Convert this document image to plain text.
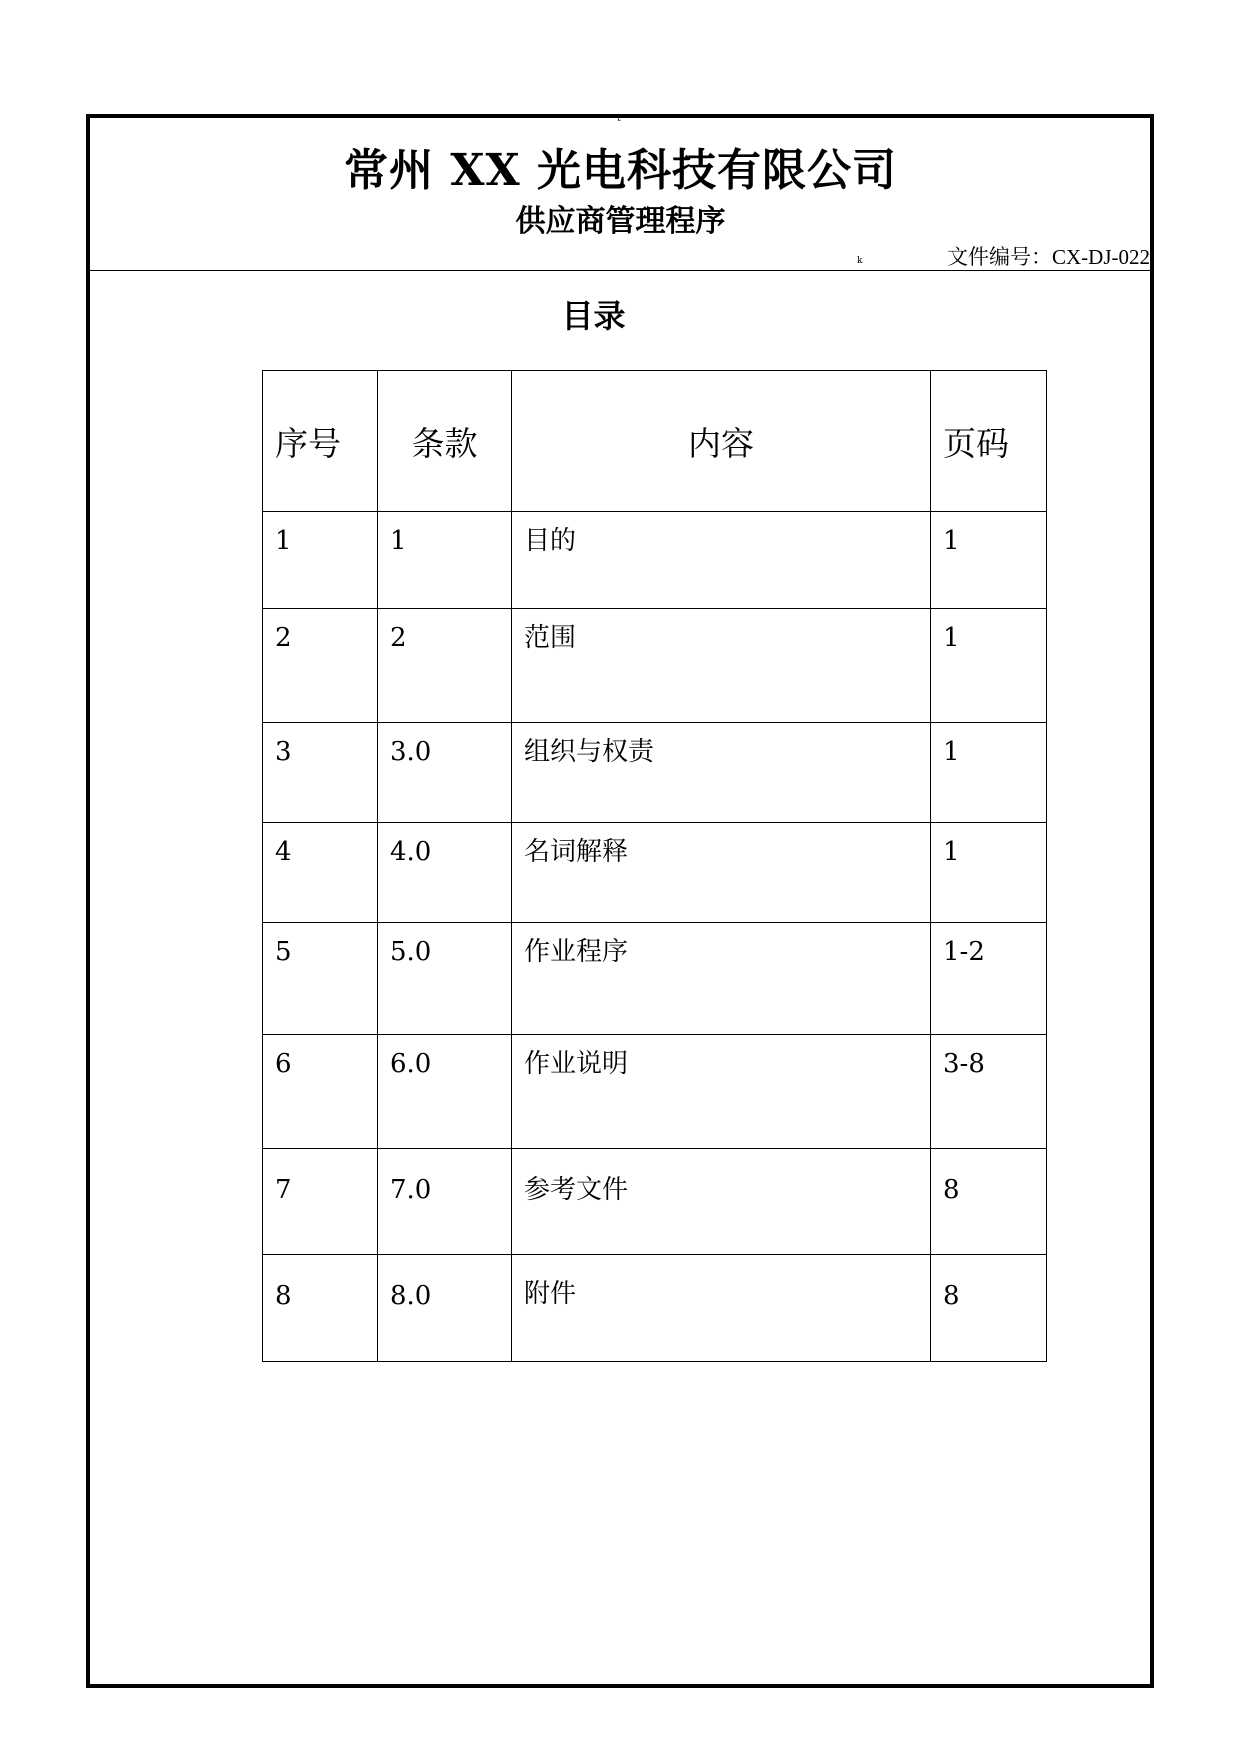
t
常州 XX 光电科技有限公司
供应商管理程序
k	文件编号：CX-DJ-022
目录
序号	条款	内容	页码
1	1	目的	1
2	2	范围	1
3	3.0	组织与权责	1
4	4.0	名词解释	1
5	5.0	作业程序	1-2
6	6.0	作业说明	3-8
7	7.0	参考文件	8
8	8.0	附件	8
